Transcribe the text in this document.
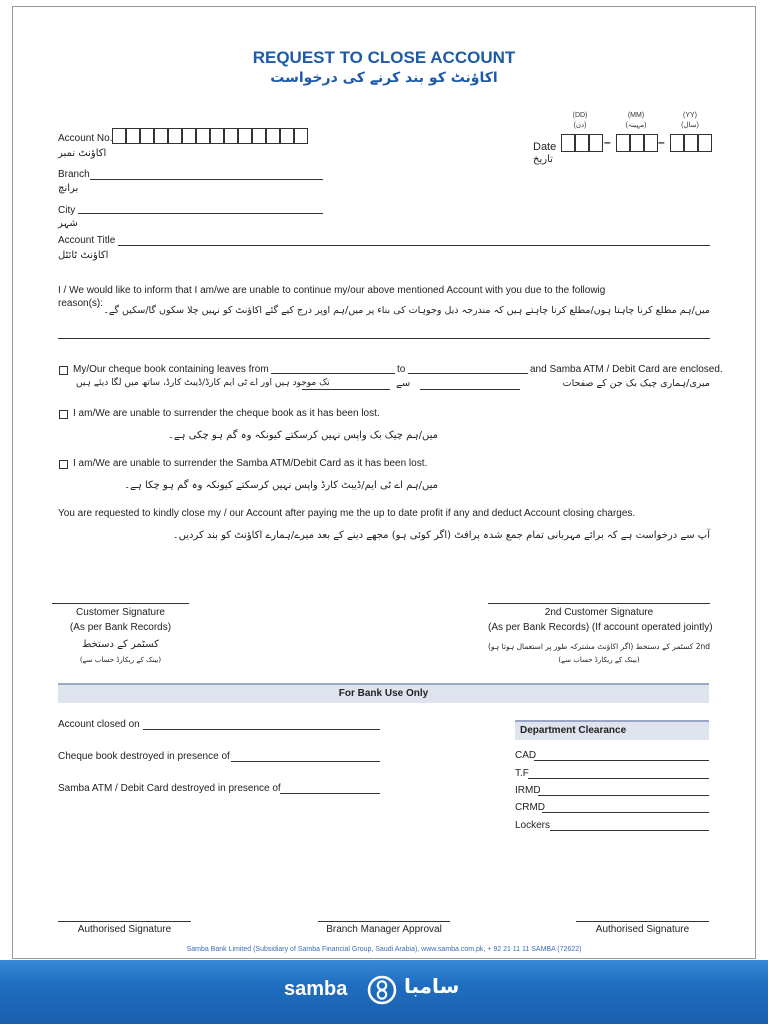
REQUEST TO CLOSE ACCOUNT
اکاؤنٹ کو بند کرنے کی درخواست
Account No.
اکاؤنٹ نمبر
(DD)
(دن)
(MM)
(مہینہ)
(YY)
(سال)
Date
تاریخ
–	–
Branch
برانچ
City
شہر
Account Title
اکاؤنٹ ٹائٹل
I / We would like to inform that I am/we are unable to continue my/our above mentioned Account with you due to the followig
reason(s):
میں/ہم مطلع کرنا چاہتا ہوں/مطلع کرنا چاہتے ہیں کہ مندرجہ ذیل وجوہات کی بناء پر میں/ہم اوپر درج کیے گئے اکاؤنٹ کو نہیں چلا سکوں گا/سکیں گے۔
My/Our cheque book containing leaves from	to	and Samba ATM / Debit Card are enclosed.
میری/ہماری چیک بک جن کے صفحات
سے
تک موجود ہیں اور اے ٹی ایم کارڈ/ڈیبٹ کارڈ، ساتھ میں لگا دیئے ہیں
I am/We are unable to surrender the cheque book as it has been lost.
میں/ہم چیک بک واپس نہیں کرسکتے کیونکہ وہ گم ہو چکی ہے۔
I am/We are unable to surrender the Samba ATM/Debit Card as it has been lost.
میں/ہم اے ٹی ایم/ڈیبٹ کارڈ واپس نہیں کرسکتے کیونکہ وہ گم ہو چکا ہے۔
You are requested to kindly close my / our Account after paying me the up to date profit if any and deduct Account closing charges.
آپ سے درخواست ہے کہ برائے مہربانی تمام جمع شدہ پرافٹ (اگر کوئی ہو) مجھے دینے کے بعد میرے/ہمارے اکاؤنٹ کو بند کردیں۔
Customer Signature
(As per Bank Records)
کسٹمر کے دستخط
(بینک کے ریکارڈ حساب سے)
2nd Customer Signature
(As per Bank Records) (If account operated jointly)
2nd کسٹمر کے دستخط (اگر اکاؤنٹ مشترکہ طور پر استعمال ہوتا ہو)
(بینک کے ریکارڈ حساب سے)
For Bank Use Only
Account closed on
Cheque book destroyed in presence of
Samba ATM / Debit Card destroyed in presence of
Department Clearance
CAD
T.F
IRMD
CRMD
Lockers
Authorised Signature	Branch Manager Approval	Authorised Signature
Samba Bank Limited (Subsidiary of Samba Financial Group, Saudi Arabia), www.samba.com.pk, + 92 21 11 11 SAMBA (72622)
samba	سامبا
